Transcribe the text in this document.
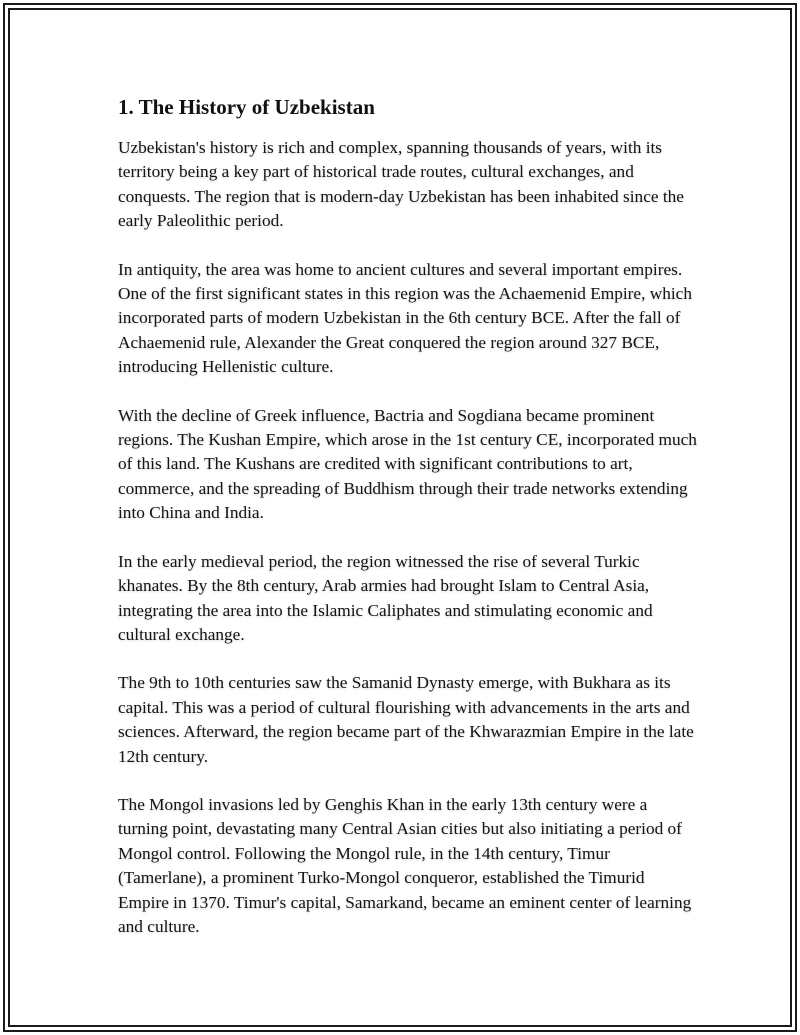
1. The History of Uzbekistan

Uzbekistan's history is rich and complex, spanning thousands of years, with its territory being a key part of historical trade routes, cultural exchanges, and conquests. The region that is modern-day Uzbekistan has been inhabited since the early Paleolithic period.

In antiquity, the area was home to ancient cultures and several important empires. One of the first significant states in this region was the Achaemenid Empire, which incorporated parts of modern Uzbekistan in the 6th century BCE. After the fall of Achaemenid rule, Alexander the Great conquered the region around 327 BCE, introducing Hellenistic culture.

With the decline of Greek influence, Bactria and Sogdiana became prominent regions. The Kushan Empire, which arose in the 1st century CE, incorporated much of this land. The Kushans are credited with significant contributions to art, commerce, and the spreading of Buddhism through their trade networks extending into China and India.

In the early medieval period, the region witnessed the rise of several Turkic khanates. By the 8th century, Arab armies had brought Islam to Central Asia, integrating the area into the Islamic Caliphates and stimulating economic and cultural exchange.

The 9th to 10th centuries saw the Samanid Dynasty emerge, with Bukhara as its capital. This was a period of cultural flourishing with advancements in the arts and sciences. Afterward, the region became part of the Khwarazmian Empire in the late 12th century.

The Mongol invasions led by Genghis Khan in the early 13th century were a turning point, devastating many Central Asian cities but also initiating a period of Mongol control. Following the Mongol rule, in the 14th century, Timur (Tamerlane), a prominent Turko-Mongol conqueror, established the Timurid Empire in 1370. Timur's capital, Samarkand, became an eminent center of learning and culture.
